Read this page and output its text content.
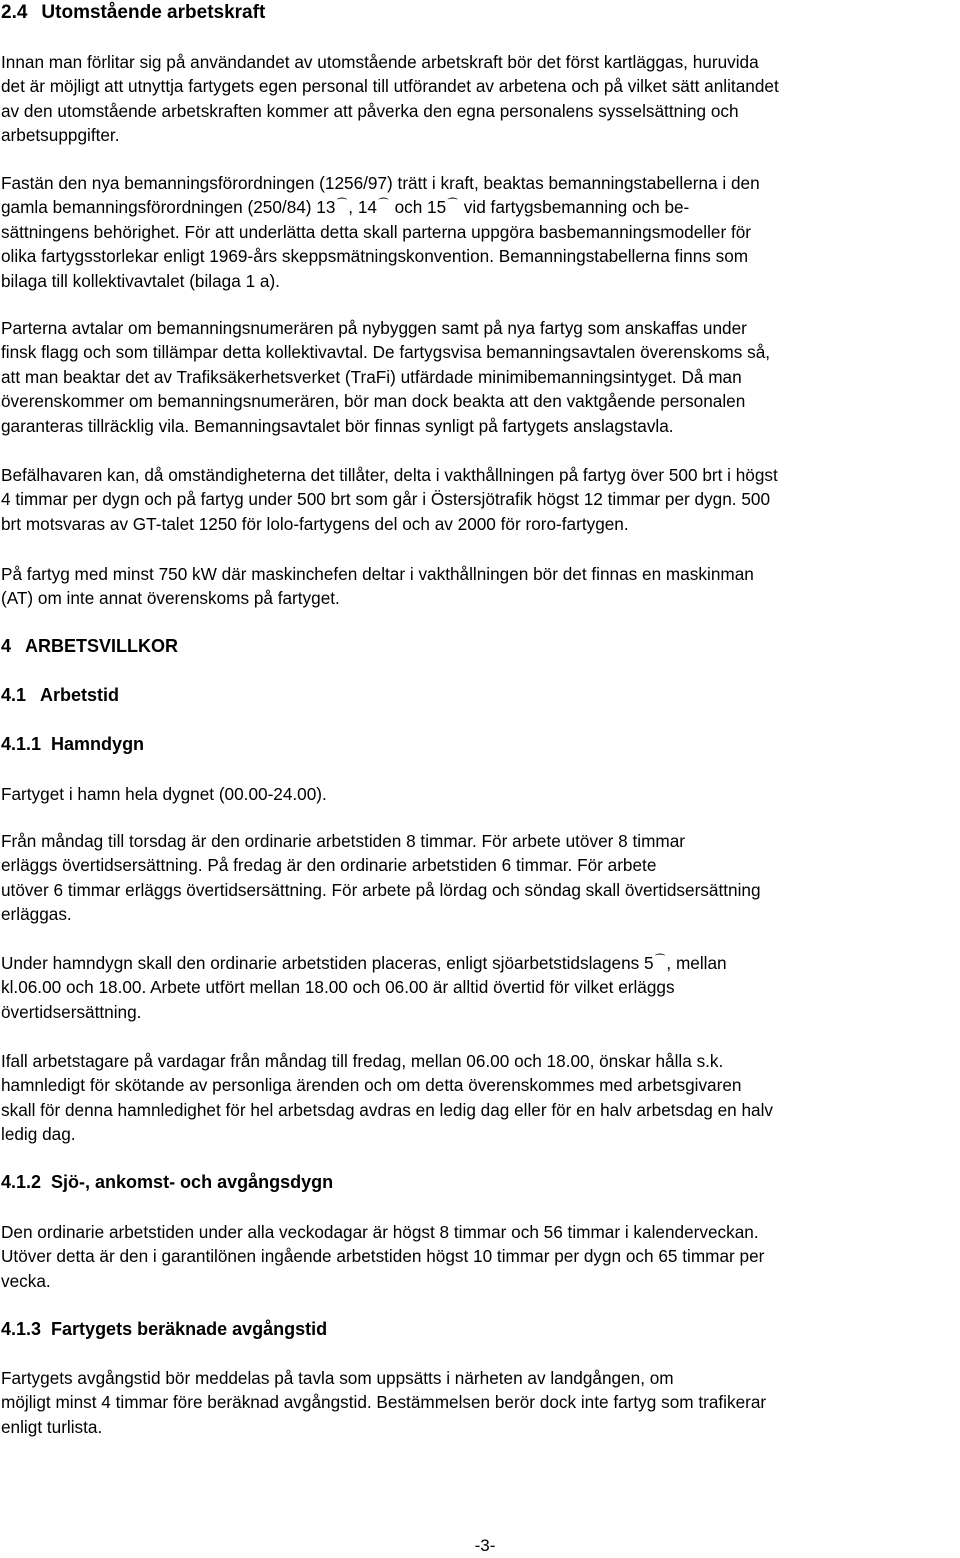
2.4 Utomstående arbetskraft
Innan man förlitar sig på användandet av utomstående arbetskraft bör det först kartläggas, huruvida
det är möjligt att utnyttja fartygets egen personal till utförandet av arbetena och på vilket sätt anlitandet
av den utomstående arbetskraften kommer att påverka den egna personalens sysselsättning och
arbetsuppgifter.
Fastän den nya bemanningsförordningen (1256/97) trätt i kraft, beaktas bemanningstabellerna i den
gamla bemanningsförordningen (250/84) 13 ⁀ , 14 ⁀ och 15 ⁀ vid fartygsbemanning och be-
sättningens behörighet. För att underlätta detta skall parterna uppgöra basbemanningsmodeller för
olika fartygsstorlekar enligt 1969-års skeppsmätningskonvention. Bemanningstabellerna finns som
bilaga till kollektivavtalet (bilaga 1 a).
Parterna avtalar om bemanningsnumerären på nybyggen samt på nya fartyg som anskaffas under
finsk flagg och som tillämpar detta kollektivavtal. De fartygsvisa bemanningsavtalen överenskoms så,
att man beaktar det av Trafiksäkerhetsverket (TraFi) utfärdade minimibemanningsintyget. Då man
överenskommer om bemanningsnumerären, bör man dock beakta att den vaktgående personalen
garanteras tillräcklig vila. Bemanningsavtalet bör finnas synligt på fartygets anslagstavla.
Befälhavaren kan, då omständigheterna det tillåter, delta i vakthållningen på fartyg över 500 brt i högst
4 timmar per dygn och på fartyg under 500 brt som går i Östersjötrafik högst 12 timmar per dygn. 500
brt motsvaras av GT-talet 1250 för lolo-fartygens del och av 2000 för roro-fartygen.
På fartyg med minst 750 kW där maskinchefen deltar i vakthållningen bör det finnas en maskinman
(AT) om inte annat överenskoms på fartyget.
4 ARBETSVILLKOR
4.1 Arbetstid
4.1.1 Hamndygn
Fartyget i hamn hela dygnet (00.00-24.00).
Från måndag till torsdag är den ordinarie arbetstiden 8 timmar. För arbete utöver 8 timmar
erläggs övertidsersättning. På fredag är den ordinarie arbetstiden 6 timmar. För arbete
utöver 6 timmar erläggs övertidsersättning. För arbete på lördag och söndag skall övertidsersättning
erläggas.
Under hamndygn skall den ordinarie arbetstiden placeras, enligt sjöarbetstidslagens 5 ⁀ , mellan
kl.06.00 och 18.00. Arbete utfört mellan 18.00 och 06.00 är alltid övertid för vilket erläggs
övertidsersättning.
Ifall arbetstagare på vardagar från måndag till fredag, mellan 06.00 och 18.00, önskar hålla s.k.
hamnledigt för skötande av personliga ärenden och om detta överenskommes med arbetsgivaren
skall för denna hamnledighet för hel arbetsdag avdras en ledig dag eller för en halv arbetsdag en halv
ledig dag.
4.1.2 Sjö-, ankomst- och avgångsdygn
Den ordinarie arbetstiden under alla veckodagar är högst 8 timmar och 56 timmar i kalenderveckan.
Utöver detta är den i garantilönen ingående arbetstiden högst 10 timmar per dygn och 65 timmar per
vecka.
4.1.3 Fartygets beräknade avgångstid
Fartygets avgångstid bör meddelas på tavla som uppsätts i närheten av landgången, om
möjligt minst 4 timmar före beräknad avgångstid. Bestämmelsen berör dock inte fartyg som trafikerar
enligt turlista.
-3-
